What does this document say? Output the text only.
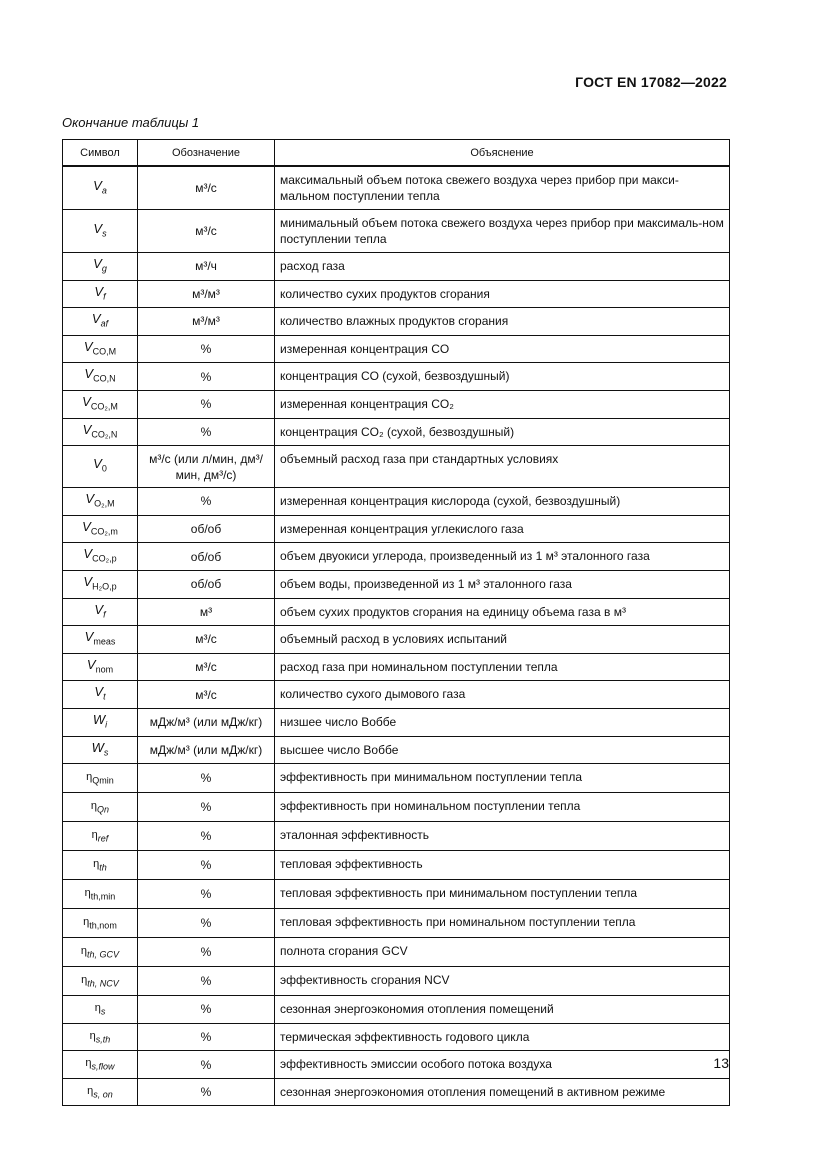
ГОСТ EN 17082—2022
Окончание таблицы 1
Символ	Обозначение	Объяснение
$V_a$	м³/с	максимальный объем потока свежего воздуха через прибор при макси-мальном поступлении тепла
$V_s$	м³/с	минимальный объем потока свежего воздуха через прибор при максималь-ном поступлении тепла
$V_g$	м³/ч	расход газа
$V_f$	м³/м³	количество сухих продуктов сгорания
$V_{af}$	м³/м³	количество влажных продуктов сгорания
$V_{CO,M}$	%	измеренная концентрация CO
$V_{CO,N}$	%	концентрация CO (сухой, безвоздушный)
$V_{CO_2,M}$	%	измеренная концентрация CO₂
$V_{CO_2,N}$	%	концентрация CO₂ (сухой, безвоздушный)
$V_0$	м³/с (или л/мин, дм³/мин, дм³/с)	объемный расход газа при стандартных условиях
$V_{O_2,M}$	%	измеренная концентрация кислорода (сухой, безвоздушный)
$V_{CO_2,m}$	об/об	измеренная концентрация углекислого газа
$V_{CO_2,p}$	об/об	объем двуокиси углерода, произведенный из 1 м³ эталонного газа
$V_{H_2O,p}$	об/об	объем воды, произведенной из 1 м³ эталонного газа
$V_f$	м³	объем сухих продуктов сгорания на единицу объема газа в м³
$V_{meas}$	м³/с	объемный расход в условиях испытаний
$V_{nom}$	м³/с	расход газа при номинальном поступлении тепла
$V_t$	м³/с	количество сухого дымового газа
$W_i$	мДж/м³ (или мДж/кг)	низшее число Воббе
$W_s$	мДж/м³ (или мДж/кг)	высшее число Воббе
$\eta_{Qmin}$	%	эффективность при минимальном поступлении тепла
$\eta_{Qn}$	%	эффективность при номинальном поступлении тепла
$\eta_{ref}$	%	эталонная эффективность
$\eta_{th}$	%	тепловая эффективность
$\eta_{th,min}$	%	тепловая эффективность при минимальном поступлении тепла
$\eta_{th,nom}$	%	тепловая эффективность при номинальном поступлении тепла
$\eta_{th, GCV}$	%	полнота сгорания GCV
$\eta_{th, NCV}$	%	эффективность сгорания NCV
$\eta_s$	%	сезонная энергоэкономия отопления помещений
$\eta_{s,th}$	%	термическая эффективность годового цикла
$\eta_{s,flow}$	%	эффективность эмиссии особого потока воздуха
$\eta_{s, on}$	%	сезонная энергоэкономия отопления помещений в активном режиме
13
